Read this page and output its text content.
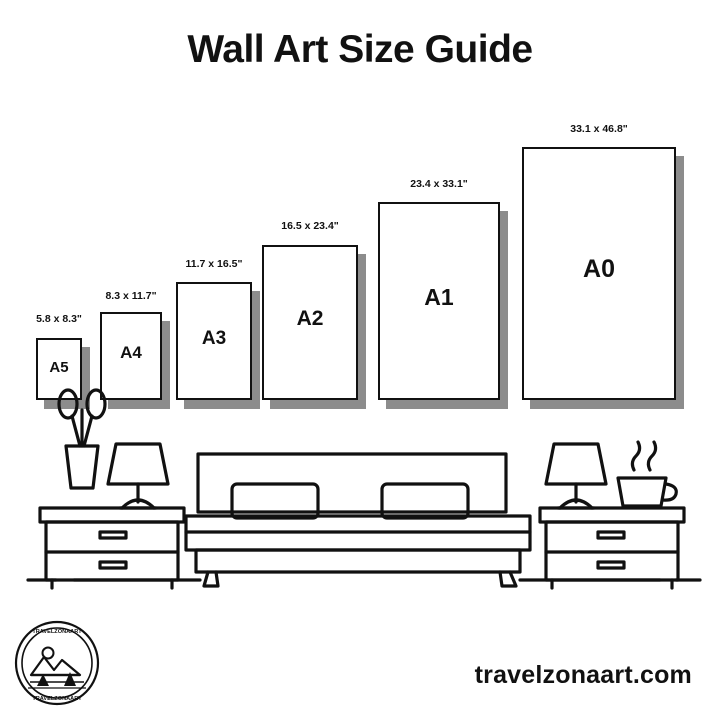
Wall Art Size Guide
5.8 x 8.3"
A5
8.3 x 11.7"
A4
11.7 x 16.5"
A3
16.5 x 23.4"
A2
23.4 x 33.1"
A1
33.1 x 46.8"
A0
TRAVELZONAART
TRAVELZONAART
travelzonaart.com
